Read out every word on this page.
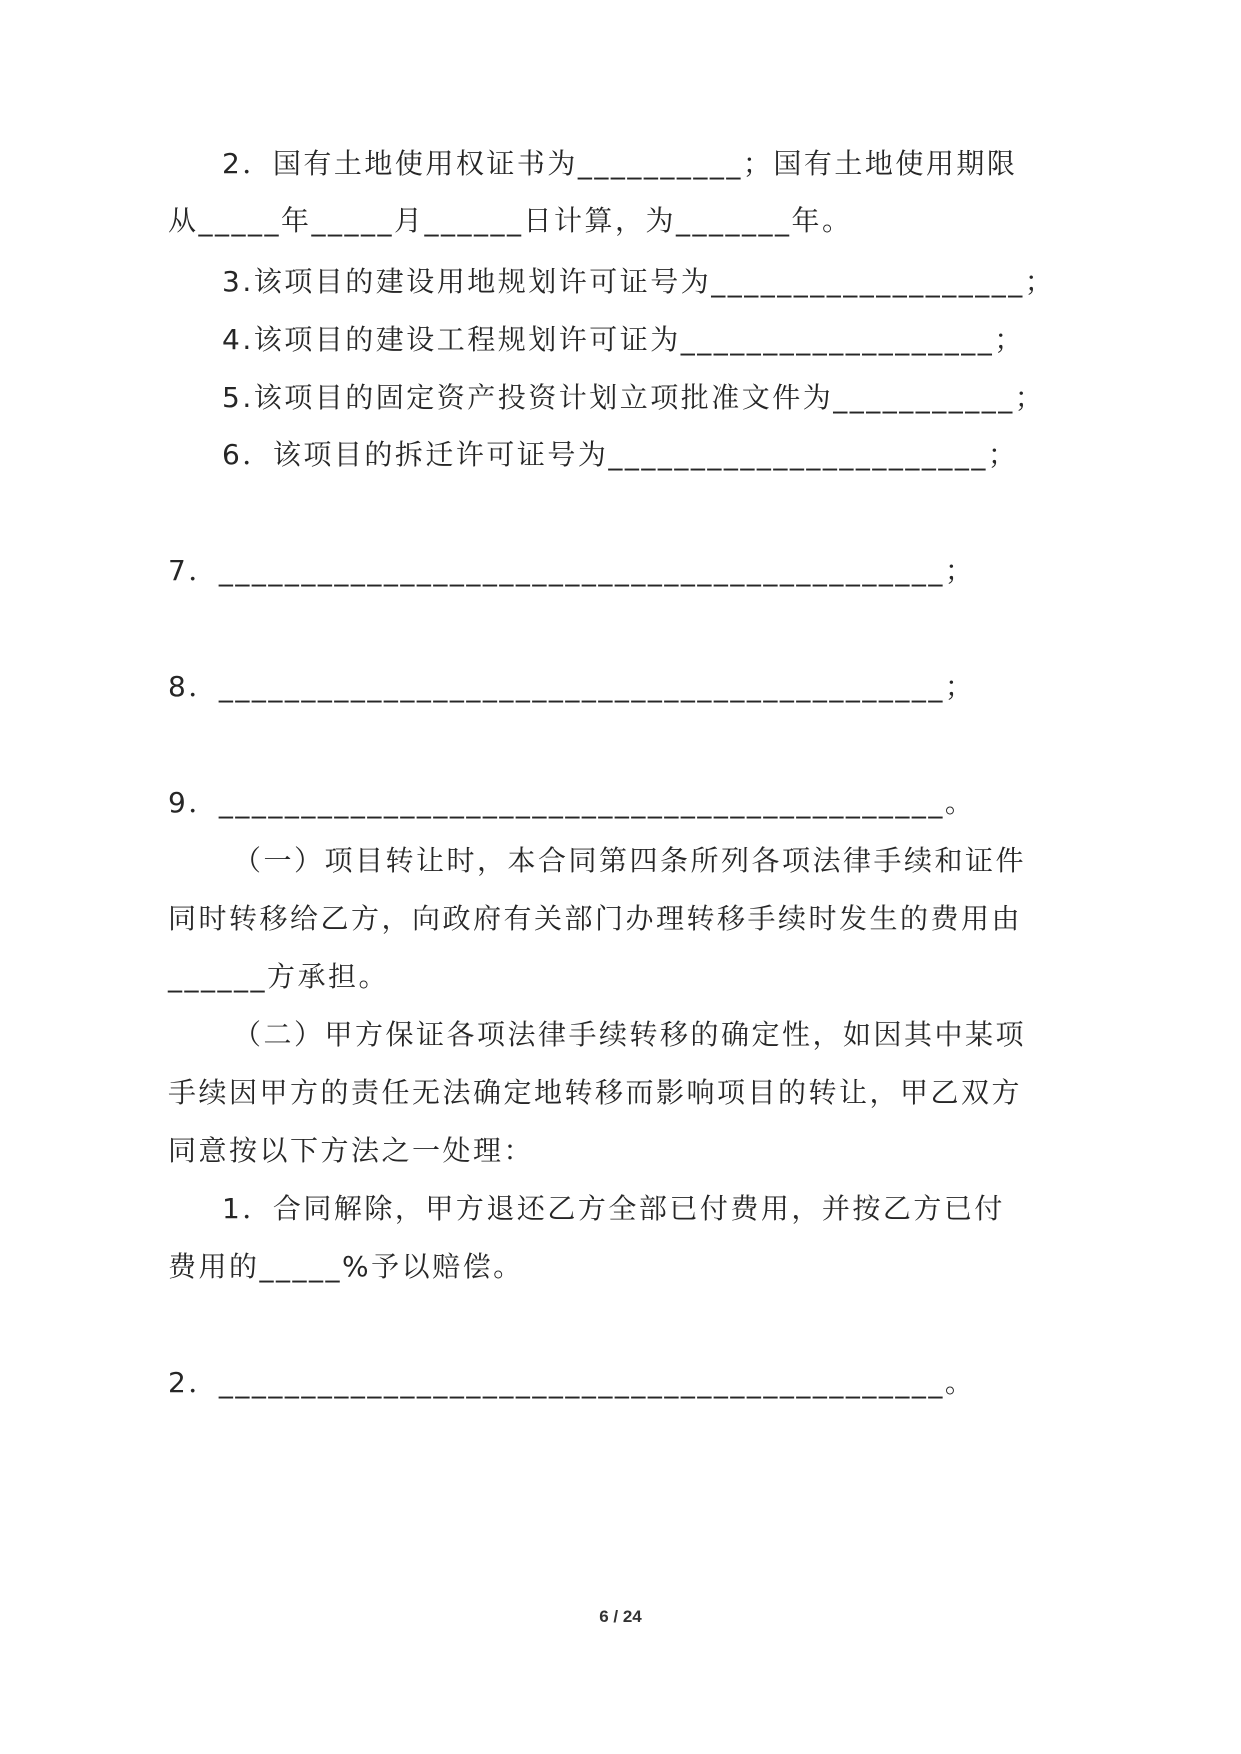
2．国有土地使用权证书为__________；国有土地使用期限
从_____年_____月______日计算，为_______年。
3.该项目的建设用地规划许可证号为___________________；
4.该项目的建设工程规划许可证为___________________；
5.该项目的固定资产投资计划立项批准文件为___________；
6．该项目的拆迁许可证号为_______________________；
7．____________________________________________；
8．____________________________________________；
9．____________________________________________。
（一）项目转让时，本合同第四条所列各项法律手续和证件
同时转移给乙方，向政府有关部门办理转移手续时发生的费用由
______方承担。
（二）甲方保证各项法律手续转移的确定性，如因其中某项
手续因甲方的责任无法确定地转移而影响项目的转让，甲乙双方
同意按以下方法之一处理：
1．合同解除，甲方退还乙方全部已付费用，并按乙方已付
费用的_____%予以赔偿。
2．____________________________________________。
6 / 24
